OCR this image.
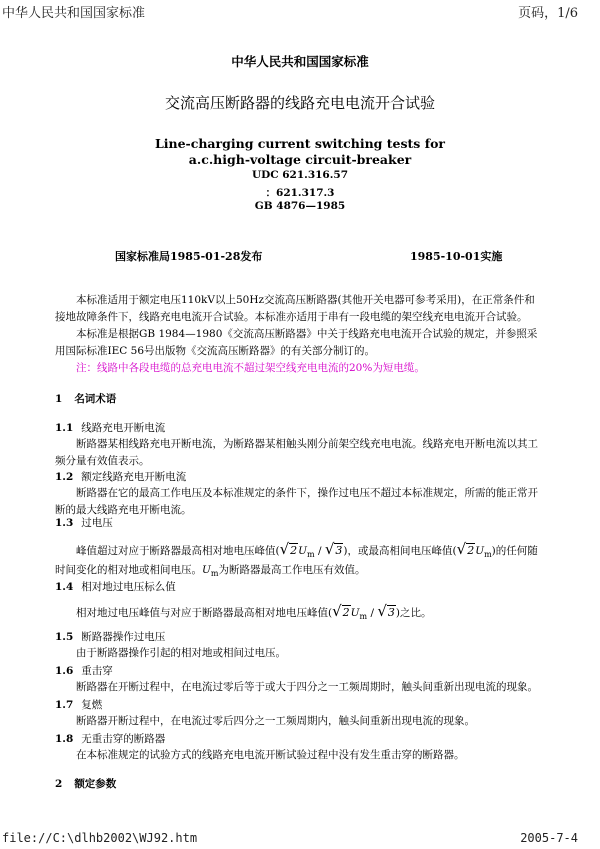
中华人民共和国国家标准	页码，1/6
中华人民共和国国家标准
交流高压断路器的线路充电电流开合试验
Line-charging current switching tests for
a.c.high-voltage circuit-breaker
UDC 621.316.57
：621.317.3
GB 4876—1985
国家标准局1985-01-28发布	1985-10-01实施
本标准适用于额定电压110kV以上50Hz交流高压断路器(其他开关电器可参考采用)，在正常条件和接地故障条件下，线路充电电流开合试验。本标准亦适用于串有一段电缆的架空线充电电流开合试验。
本标准是根据GB 1984—1980《交流高压断路器》中关于线路充电电流开合试验的规定，并参照采用国际标准IEC 56号出版物《交流高压断路器》的有关部分制订的。
注：线路中各段电缆的总充电电流不超过架空线充电电流的20%为短电缆。
1 名词术语
1.1 线路充电开断电流
断路器某相线路充电开断电流，为断路器某相触头刚分前架空线充电电流。线路充电开断电流以其工频分量有效值表示。
1.2 额定线路充电开断电流
断路器在它的最高工作电压及本标准规定的条件下，操作过电压不超过本标准规定，所需的能正常开断的最大线路充电开断电流。
1.3 过电压
峰值超过对应于断路器最高相对地电压峰值$(√2U_m / √3)$，或最高相间电压峰值$(√2U_m)$的任何随
时间变化的相对地或相间电压。$U_m$为断路器最高工作电压有效值。
1.4 相对地过电压标么值
相对地过电压峰值与对应于断路器最高相对地电压峰值$(√2U_m / √3)$之比。
1.5 断路器操作过电压
由于断路器操作引起的相对地或相间过电压。
1.6 重击穿
断路器在开断过程中，在电流过零后等于或大于四分之一工频周期时，触头间重新出现电流的现象。
1.7 复燃
断路器开断过程中，在电流过零后四分之一工频周期内，触头间重新出现电流的现象。
1.8 无重击穿的断路器
在本标准规定的试验方式的线路充电电流开断试验过程中没有发生重击穿的断路器。
2 额定参数
file://C:\dlhb2002\WJ92.htm	2005-7-4
